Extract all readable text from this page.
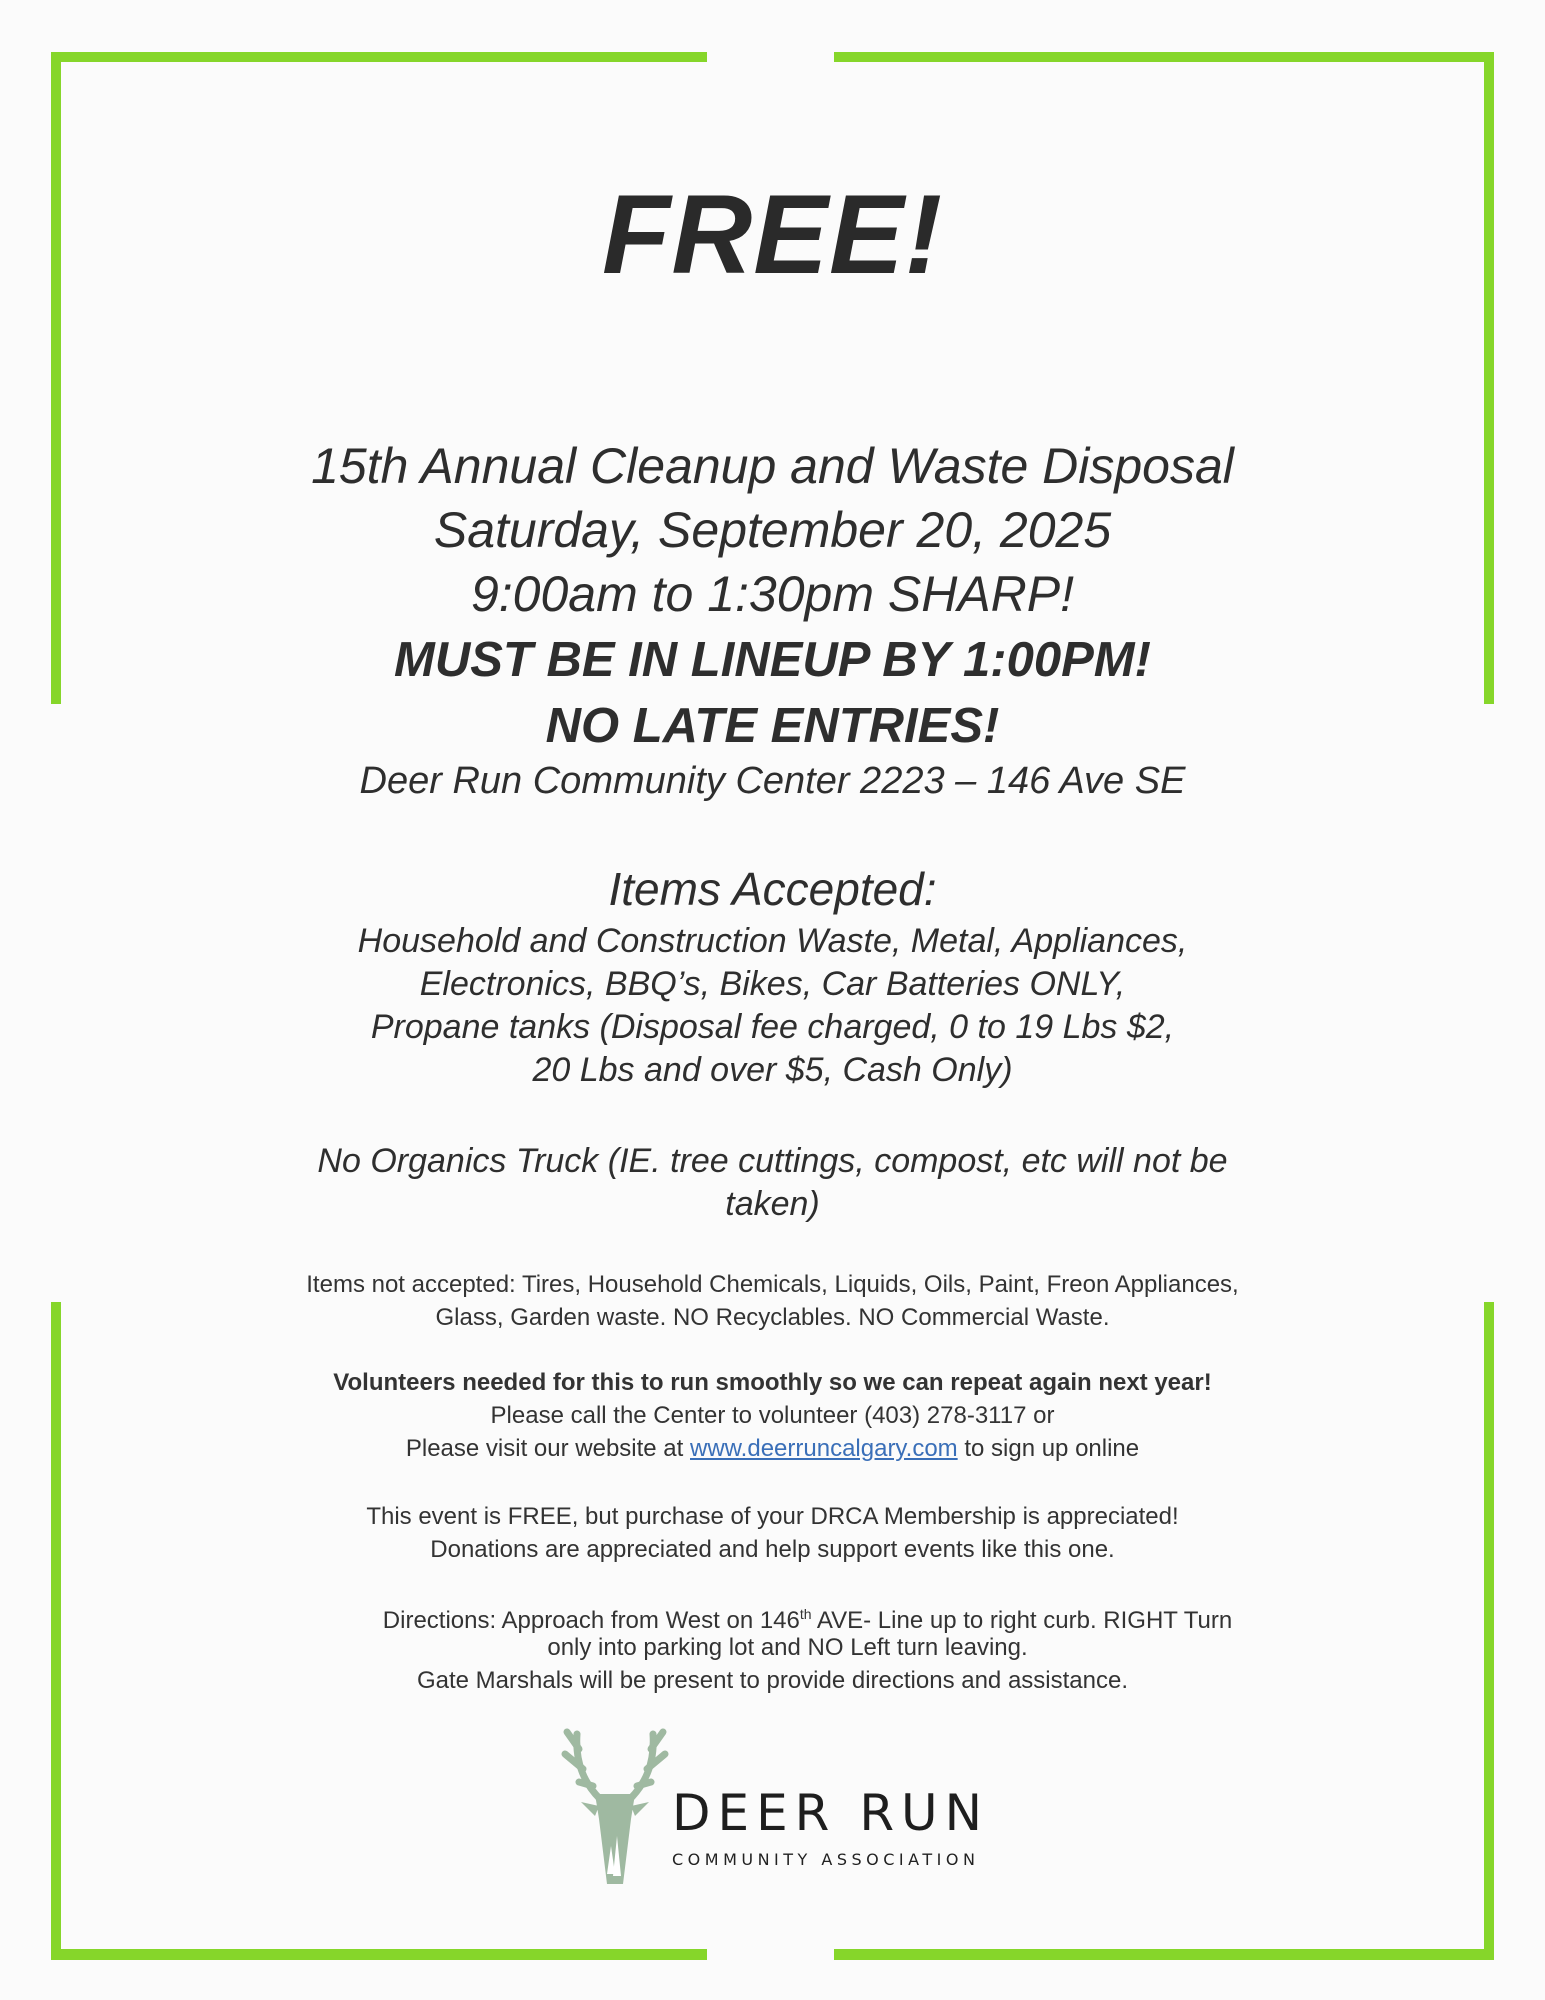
FREE!
15th Annual Cleanup and Waste Disposal
Saturday, September 20, 2025
9:00am to 1:30pm SHARP!
MUST BE IN LINEUP BY 1:00PM!
NO LATE ENTRIES!
Deer Run Community Center 2223 – 146 Ave SE
Items Accepted:
Household and Construction Waste, Metal, Appliances,
Electronics, BBQ’s, Bikes, Car Batteries ONLY,
Propane tanks (Disposal fee charged, 0 to 19 Lbs $2,
20 Lbs and over $5, Cash Only)
No Organics Truck (IE. tree cuttings, compost, etc will not be
taken)
Items not accepted: Tires, Household Chemicals, Liquids, Oils, Paint, Freon Appliances,
Glass, Garden waste. NO Recyclables. NO Commercial Waste.
Volunteers needed for this to run smoothly so we can repeat again next year!
Please call the Center to volunteer (403) 278-3117 or
Please visit our website at www.deerruncalgary.com to sign up online
This event is FREE, but purchase of your DRCA Membership is appreciated!
Donations are appreciated and help support events like this one.
Directions: Approach from West on 146th AVE- Line up to right curb. RIGHT Turn
only into parking lot and NO Left turn leaving.
Gate Marshals will be present to provide directions and assistance.
DEER RUN
COMMUNITY ASSOCIATION
